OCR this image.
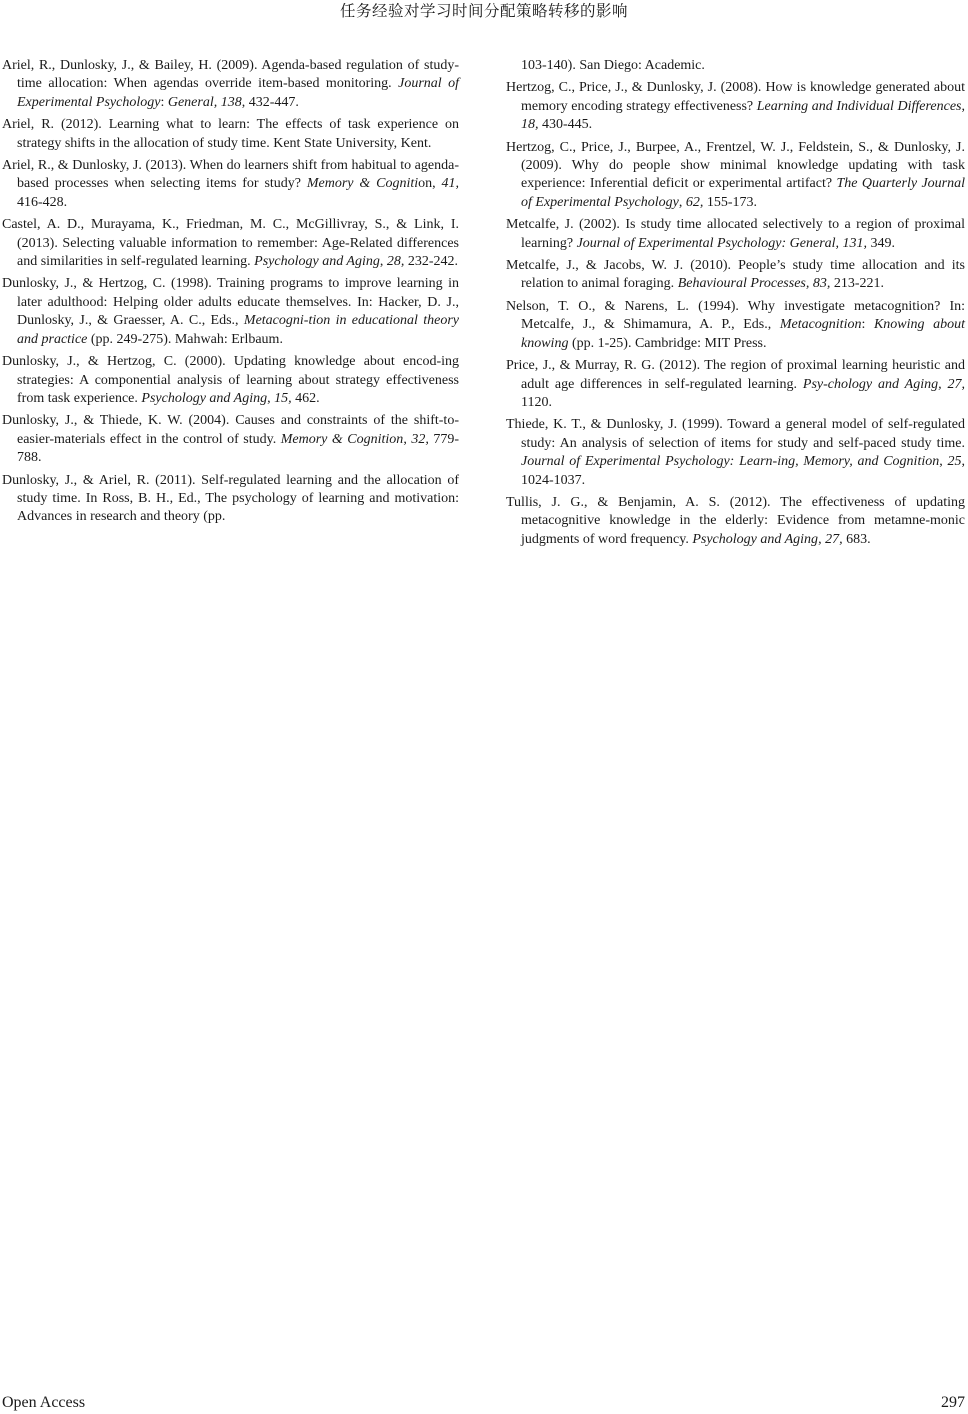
任务经验对学习时间分配策略转移的影响

Ariel, R., Dunlosky, J., & Bailey, H. (2009). Agenda-based regulation of study-time allocation: When agendas override item-based monitoring. Journal of Experimental Psychology: General, 138, 432-447.

Ariel, R. (2012). Learning what to learn: The effects of task experience on strategy shifts in the allocation of study time. Kent State University, Kent.

Ariel, R., & Dunlosky, J. (2013). When do learners shift from habitual to agenda-based processes when selecting items for study? Memory & Cognition, 41, 416-428.

Castel, A. D., Murayama, K., Friedman, M. C., McGillivray, S., & Link, I. (2013). Selecting valuable information to remember: Age-Related differences and similarities in self-regulated learning. Psychology and Aging, 28, 232-242.

Dunlosky, J., & Hertzog, C. (1998). Training programs to improve learning in later adulthood: Helping older adults educate themselves. In: Hacker, D. J., Dunlosky, J., & Graesser, A. C., Eds., Metacogni-tion in educational theory and practice (pp. 249-275). Mahwah: Erlbaum.

Dunlosky, J., & Hertzog, C. (2000). Updating knowledge about encod-ing strategies: A componential analysis of learning about strategy effectiveness from task experience. Psychology and Aging, 15, 462.

Dunlosky, J., & Thiede, K. W. (2004). Causes and constraints of the shift-to-easier-materials effect in the control of study. Memory & Cognition, 32, 779-788.

Dunlosky, J., & Ariel, R. (2011). Self-regulated learning and the allocation of study time. In Ross, B. H., Ed., The psychology of learning and motivation: Advances in research and theory (pp.

103-140). San Diego: Academic.

Hertzog, C., Price, J., & Dunlosky, J. (2008). How is knowledge generated about memory encoding strategy effectiveness? Learning and Individual Differences, 18, 430-445.

Hertzog, C., Price, J., Burpee, A., Frentzel, W. J., Feldstein, S., & Dunlosky, J. (2009). Why do people show minimal knowledge updating with task experience: Inferential deficit or experimental artifact? The Quarterly Journal of Experimental Psychology, 62, 155-173.

Metcalfe, J. (2002). Is study time allocated selectively to a region of proximal learning? Journal of Experimental Psychology: General, 131, 349.

Metcalfe, J., & Jacobs, W. J. (2010). People’s study time allocation and its relation to animal foraging. Behavioural Processes, 83, 213-221.

Nelson, T. O., & Narens, L. (1994). Why investigate metacognition? In: Metcalfe, J., & Shimamura, A. P., Eds., Metacognition: Knowing about knowing (pp. 1-25). Cambridge: MIT Press.

Price, J., & Murray, R. G. (2012). The region of proximal learning heuristic and adult age differences in self-regulated learning. Psy-chology and Aging, 27, 1120.

Thiede, K. T., & Dunlosky, J. (1999). Toward a general model of self-regulated study: An analysis of selection of items for study and self-paced study time. Journal of Experimental Psychology: Learn-ing, Memory, and Cognition, 25, 1024-1037.

Tullis, J. G., & Benjamin, A. S. (2012). The effectiveness of updating metacognitive knowledge in the elderly: Evidence from metamne-monic judgments of word frequency. Psychology and Aging, 27, 683.

Open Access	297
